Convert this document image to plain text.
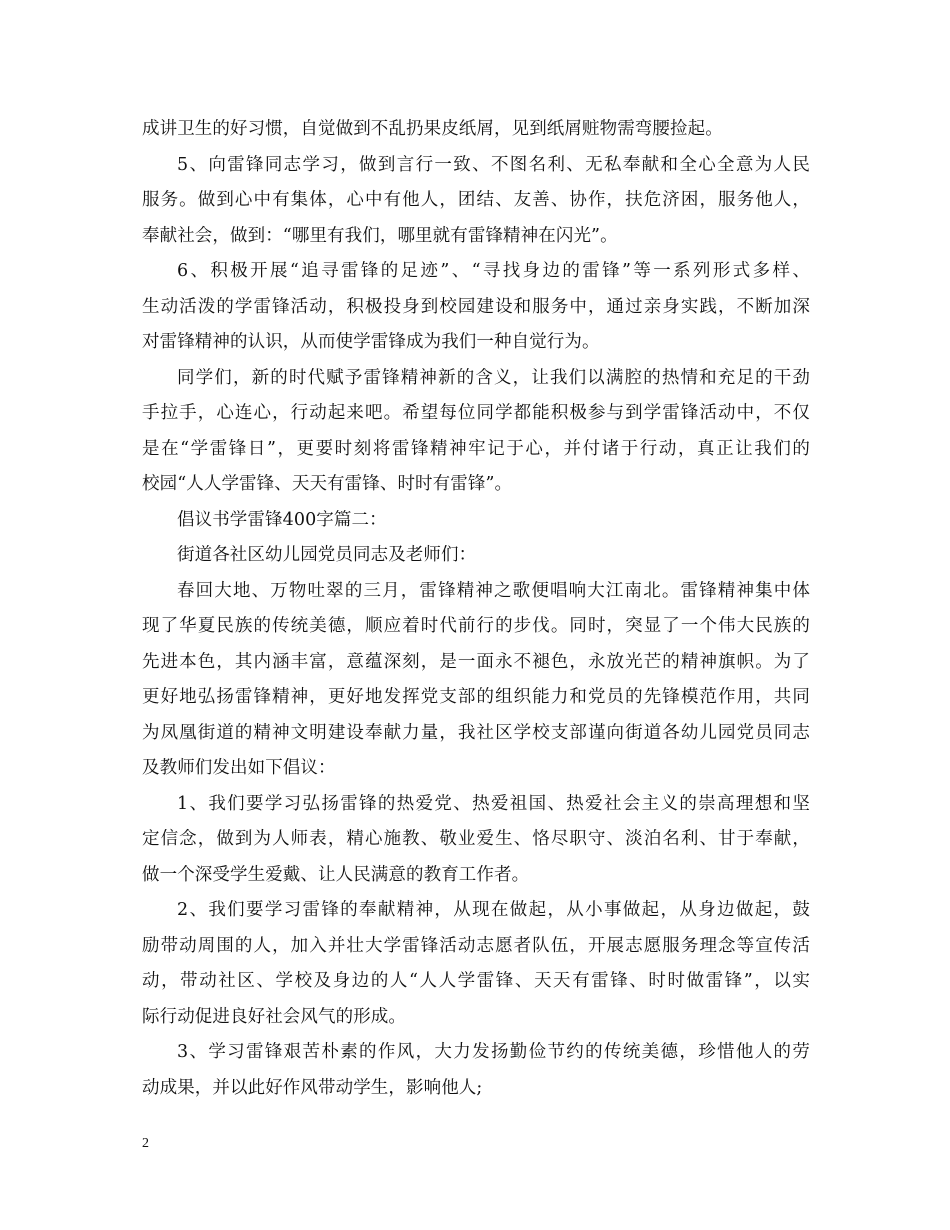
成讲卫生的好习惯，自觉做到不乱扔果皮纸屑，见到纸屑赃物需弯腰捡起。
5、向雷锋同志学习，做到言行一致、不图名利、无私奉献和全心全意为人民
服务。做到心中有集体，心中有他人，团结、友善、协作，扶危济困，服务他人，
奉献社会，做到：“哪里有我们，哪里就有雷锋精神在闪光”。
6、积极开展“追寻雷锋的足迹”、“寻找身边的雷锋”等一系列形式多样、
生动活泼的学雷锋活动，积极投身到校园建设和服务中，通过亲身实践，不断加深
对雷锋精神的认识，从而使学雷锋成为我们一种自觉行为。
同学们，新的时代赋予雷锋精神新的含义，让我们以满腔的热情和充足的干劲
手拉手，心连心，行动起来吧。希望每位同学都能积极参与到学雷锋活动中，不仅
是在“学雷锋日”，更要时刻将雷锋精神牢记于心，并付诸于行动，真正让我们的
校园“人人学雷锋、天天有雷锋、时时有雷锋”。
倡议书学雷锋400字篇二：
街道各社区幼儿园党员同志及老师们：
春回大地、万物吐翠的三月，雷锋精神之歌便唱响大江南北。雷锋精神集中体
现了华夏民族的传统美德，顺应着时代前行的步伐。同时，突显了一个伟大民族的
先进本色，其内涵丰富，意蕴深刻，是一面永不褪色，永放光芒的精神旗帜。为了
更好地弘扬雷锋精神，更好地发挥党支部的组织能力和党员的先锋模范作用，共同
为凤凰街道的精神文明建设奉献力量，我社区学校支部谨向街道各幼儿园党员同志
及教师们发出如下倡议：
1、我们要学习弘扬雷锋的热爱党、热爱祖国、热爱社会主义的崇高理想和坚
定信念，做到为人师表，精心施教、敬业爱生、恪尽职守、淡泊名利、甘于奉献，
做一个深受学生爱戴、让人民满意的教育工作者。
2、我们要学习雷锋的奉献精神，从现在做起，从小事做起，从身边做起，鼓
励带动周围的人，加入并壮大学雷锋活动志愿者队伍，开展志愿服务理念等宣传活
动，带动社区、学校及身边的人“人人学雷锋、天天有雷锋、时时做雷锋”，以实
际行动促进良好社会风气的形成。
3、学习雷锋艰苦朴素的作风，大力发扬勤俭节约的传统美德，珍惜他人的劳
动成果，并以此好作风带动学生，影响他人;
2
